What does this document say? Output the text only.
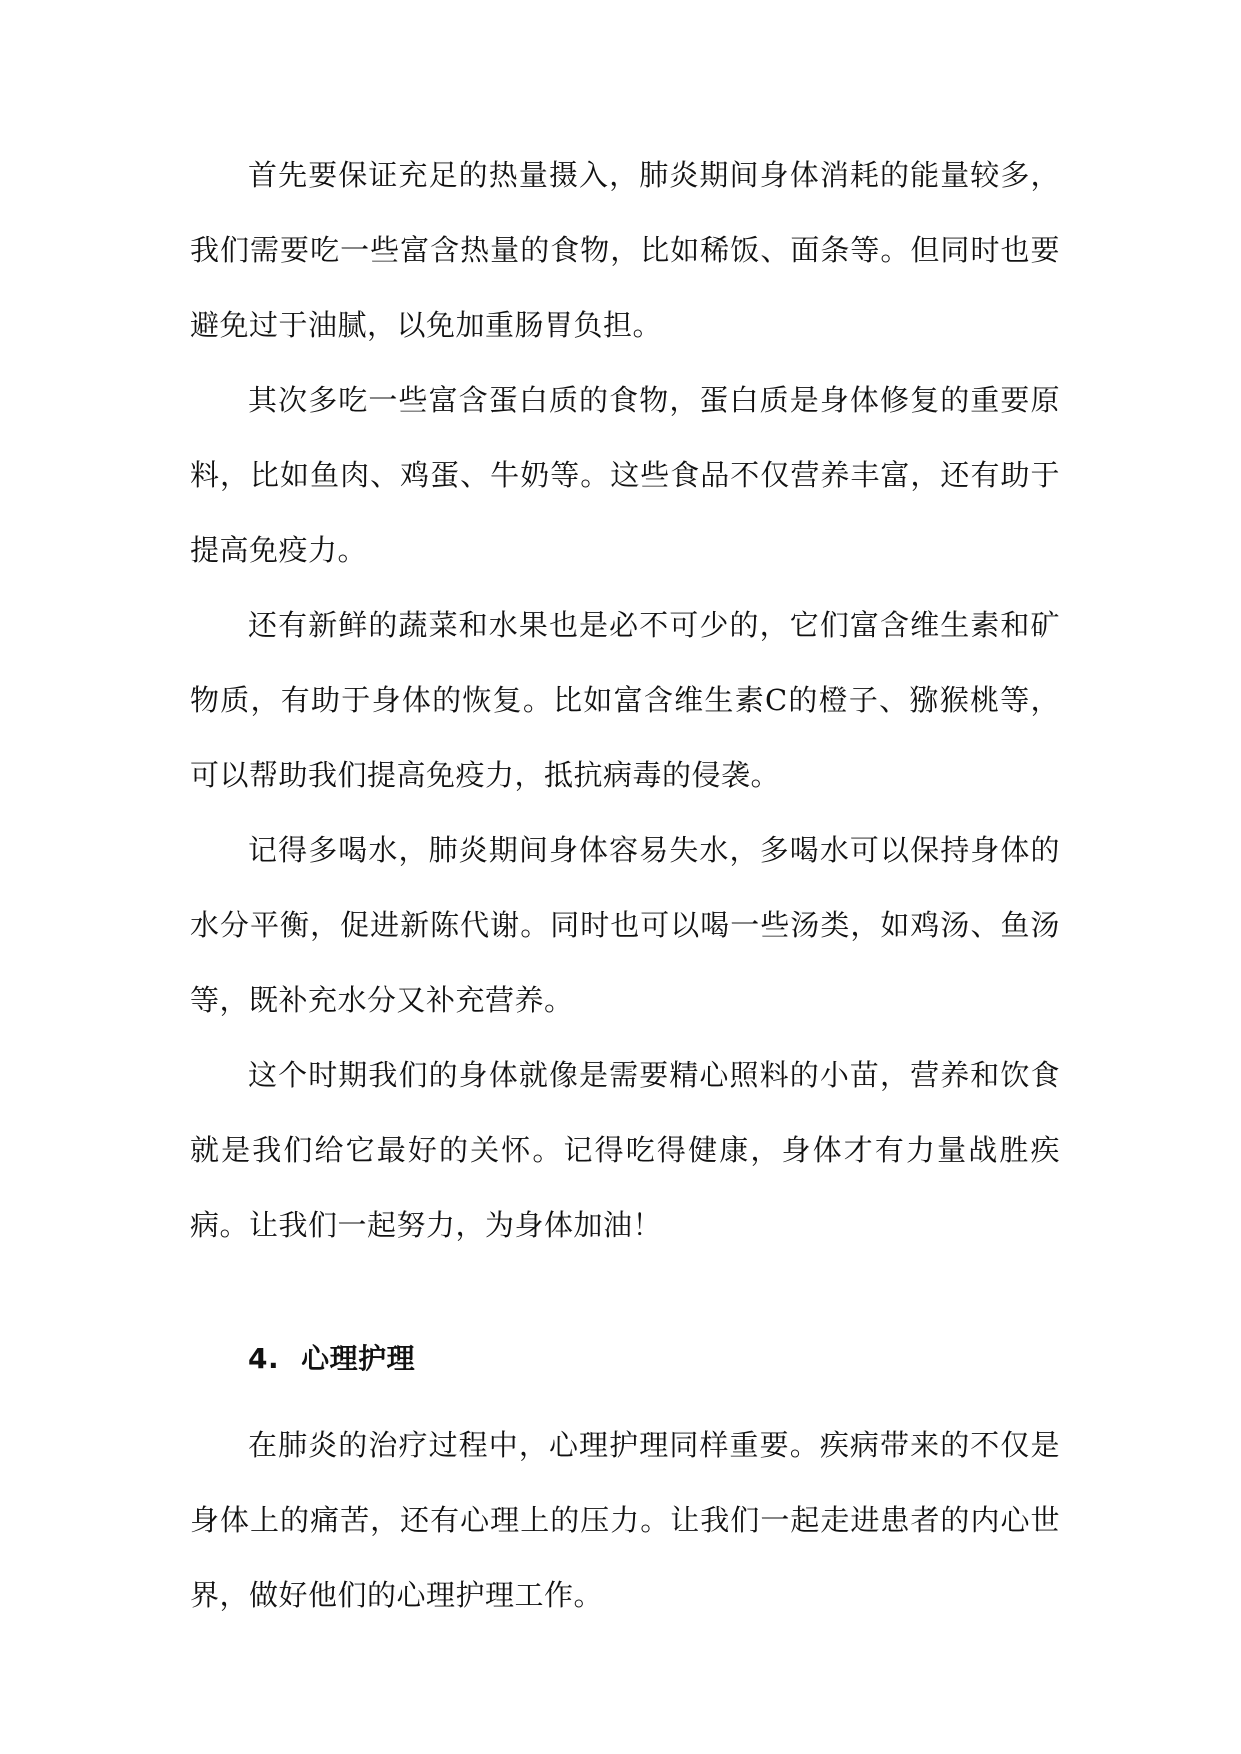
首先要保证充足的热量摄入，肺炎期间身体消耗的能量较多，我们需要吃一些富含热量的食物，比如稀饭、面条等。但同时也要避免过于油腻，以免加重肠胃负担。

其次多吃一些富含蛋白质的食物，蛋白质是身体修复的重要原料，比如鱼肉、鸡蛋、牛奶等。这些食品不仅营养丰富，还有助于提高免疫力。

还有新鲜的蔬菜和水果也是必不可少的，它们富含维生素和矿物质，有助于身体的恢复。比如富含维生素C的橙子、猕猴桃等，可以帮助我们提高免疫力，抵抗病毒的侵袭。

记得多喝水，肺炎期间身体容易失水，多喝水可以保持身体的水分平衡，促进新陈代谢。同时也可以喝一些汤类，如鸡汤、鱼汤等，既补充水分又补充营养。

这个时期我们的身体就像是需要精心照料的小苗，营养和饮食就是我们给它最好的关怀。记得吃得健康，身体才有力量战胜疾病。让我们一起努力，为身体加油！

4. 心理护理

在肺炎的治疗过程中，心理护理同样重要。疾病带来的不仅是身体上的痛苦，还有心理上的压力。让我们一起走进患者的内心世界，做好他们的心理护理工作。
